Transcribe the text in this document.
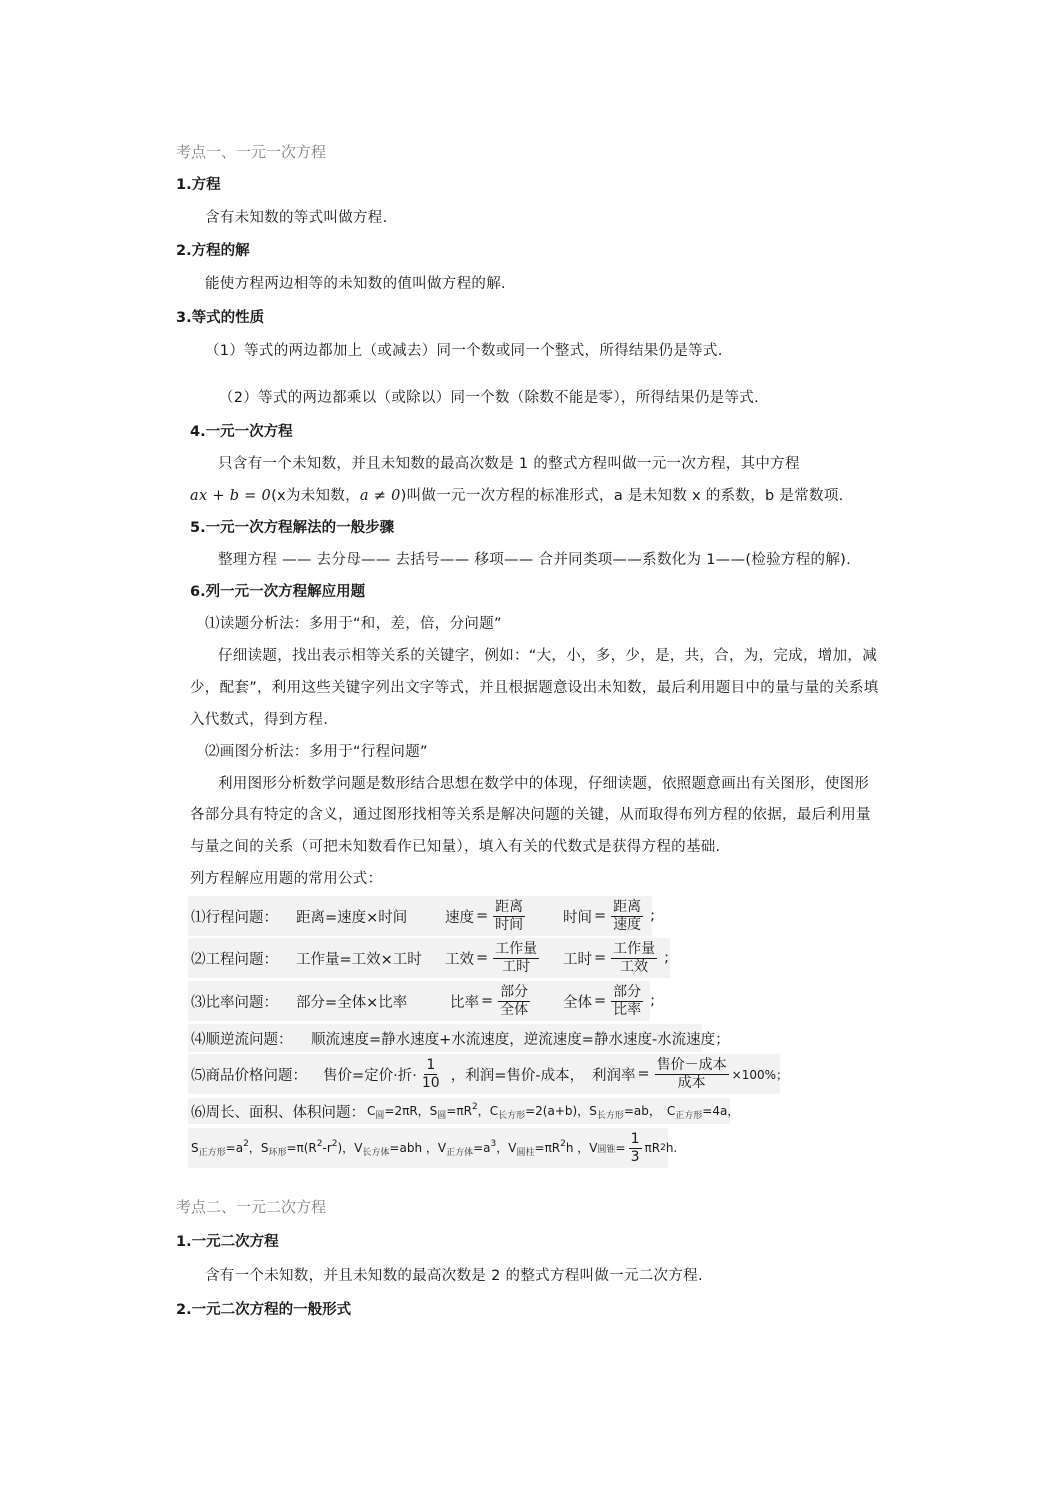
考点一、一元一次方程
1.方程
含有未知数的等式叫做方程.
2.方程的解
能使方程两边相等的未知数的值叫做方程的解.
3.等式的性质
（1）等式的两边都加上（或减去）同一个数或同一个整式，所得结果仍是等式.
（2）等式的两边都乘以（或除以）同一个数（除数不能是零），所得结果仍是等式.
4.一元一次方程
只含有一个未知数，并且未知数的最高次数是 1 的整式方程叫做一元一次方程，其中方程
ax + b = 0(x为未知数，a ≠ 0)叫做一元一次方程的标准形式，a 是未知数 x 的系数，b 是常数项.
5.一元一次方程解法的一般步骤
整理方程 —— 去分母—— 去括号—— 移项—— 合并同类项——系数化为 1——(检验方程的解).
6.列一元一次方程解应用题
⑴读题分析法：多用于“和，差，倍，分问题”
仔细读题，找出表示相等关系的关键字，例如：“大，小，多，少，是，共，合，为，完成，增加，减
少，配套”，利用这些关键字列出文字等式，并且根据题意设出未知数，最后利用题目中的量与量的关系填
入代数式，得到方程.
⑵画图分析法：多用于“行程问题”
利用图形分析数学问题是数形结合思想在数学中的体现，仔细读题，依照题意画出有关图形，使图形
各部分具有特定的含义，通过图形找相等关系是解决问题的关键，从而取得布列方程的依据，最后利用量
与量之间的关系（可把未知数看作已知量），填入有关的代数式是获得方程的基础.
列方程解应用题的常用公式：
⑴行程问题： 距离=速度×时间	速度 = $\frac{\text{距离}}{\text{时间}}$	时间 = $\frac{\text{距离}}{\text{速度}}$ ;
⑵工程问题： 工作量=工效×工时 工效 = $\frac{\text{工作量}}{\text{工时}}$ 工时 = $\frac{\text{工作量}}{\text{工效}}$ ;
⑶比率问题： 部分=全体×比率	比率 = $\frac{\text{部分}}{\text{全体}}$ 全体 = $\frac{\text{部分}}{\text{比率}}$ ;
⑷顺逆流问题： 顺流速度=静水速度+水流速度，逆流速度=静水速度-水流速度；
⑸商品价格问题： 售价=定价·折· $\frac{1}{10}$ ，利润=售价-成本， 利润率 = $\frac{\text{售价－成本}}{\text{成本}} \times 100\%$；
⑹周长、面积、体积问题： $C_圆=2\pi R$， $S_圆=\pi R^2$， $C_{长方形}=2(a+b)$， $S_{长方形}=ab$， $C_{正方形}=4a$，
$S_{正方形}=a^2$， $S_{环形}=\pi(R^2-r^2)$， $V_{长方体}=abh$ ， $V_{正方体}=a^3$， $V_{圆柱}=\pi R^2h$ ， V 圆锥 = $\frac{1}{3}$ πR 2 h.
考点二、一元二次方程
1.一元二次方程
含有一个未知数，并且未知数的最高次数是 2 的整式方程叫做一元二次方程.
2.一元二次方程的一般形式
